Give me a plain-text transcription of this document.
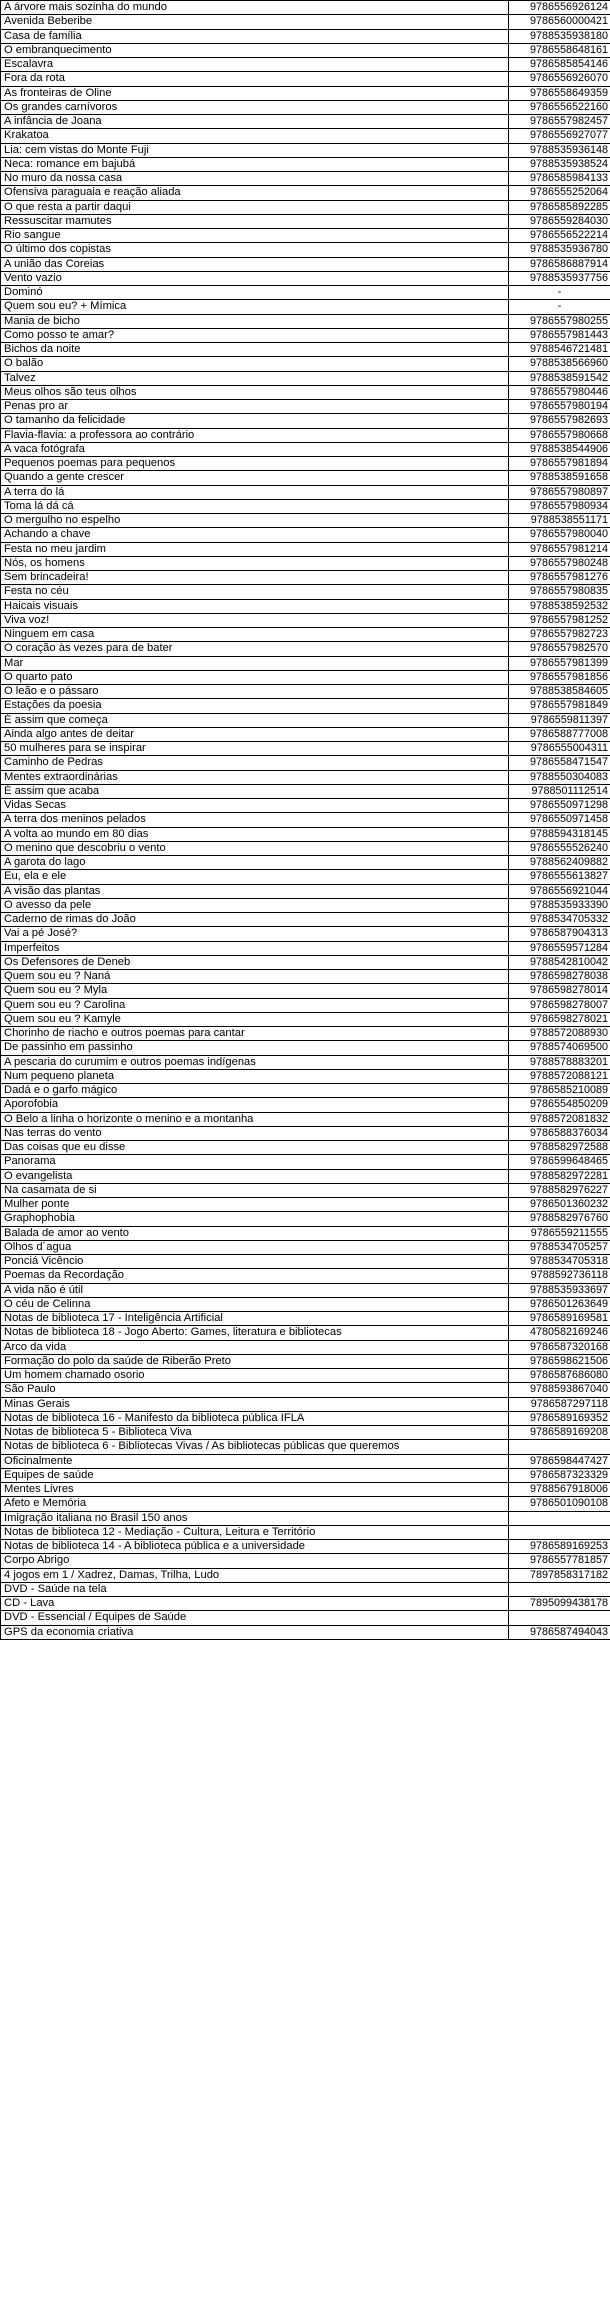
A árvore mais sozinha do mundo	9786556926124
Avenida Beberibe	9786560000421
Casa de família	9788535938180
O embranquecimento	9786558648161
Escalavra	9786585854146
Fora da rota	9786556926070
As fronteiras de Oline	9786558649359
Os grandes carnívoros	9786556522160
A infância de Joana	9786557982457
Krakatoa	9786556927077
Lia: cem vistas do Monte Fuji	9788535936148
Neca: romance em bajubá	9788535938524
No muro da nossa casa	9786585984133
Ofensiva paraguaia e reação aliada	9786555252064
O que resta a partir daqui	9786585892285
Ressuscitar mamutes	9786559284030
Rio sangue	9786556522214
O último dos copistas	9788535936780
A união das Coreias	9786586887914
Vento vazio	9788535937756
Dominó	-
Quem sou eu? + Mímica	-
Mania de bicho	9786557980255
Como posso te amar?	9786557981443
Bichos da noite	9788546721481
O balão	9788538566960
Talvez	9788538591542
Meus olhos são teus olhos	9786557980446
Penas pro ar	9786557980194
O tamanho da felicidade	9786557982693
Flavia-flavia: a professora ao contrário	9786557980668
A vaca fotógrafa	9788538544906
Pequenos poemas para pequenos	9786557981894
Quando a gente crescer	9788538591658
A terra do lá	9786557980897
Toma lá dá cá	9786557980934
O mergulho no espelho	9788538551171
Achando a chave	9786557980040
Festa no meu jardim	9786557981214
Nós, os homens	9786557980248
Sem brincadeira!	9786557981276
Festa no céu	9786557980835
Haicais visuais	9788538592532
Viva voz!	9786557981252
Ninguem em casa	9786557982723
O coração às vezes para de bater	9786557982570
Mar	9786557981399
O quarto pato	9786557981856
O leão e o pássaro	9788538584605
Estações da poesia	9786557981849
É assim que começa	9786559811397
Ainda algo antes de deitar	9786588777008
50 mulheres para se inspirar	9786555004311
Caminho de Pedras	9786558471547
Mentes extraordinárias	9788550304083
É assim que acaba	9788501112514
Vidas Secas	9786550971298
A terra dos meninos pelados	9786550971458
A volta ao mundo em 80 dias	9788594318145
O menino que descobriu o vento	9786555526240
A garota do lago	9788562409882
Eu, ela e ele	9786555613827
A visão das plantas	9786556921044
O avesso da pele	9788535933390
Caderno de rimas do João	9788534705332
Vai a pé José?	9786587904313
Imperfeitos	9786559571284
Os Defensores de Deneb	9788542810042
Quem sou eu ? Naná	9786598278038
Quem sou eu ? Myla	9786598278014
Quem sou eu ? Carolina	9786598278007
Quem sou eu ? Kamyle	9786598278021
Chorinho de riacho e outros poemas para cantar	9788572088930
De passinho em passinho	9788574069500
A pescaria do curumim e outros poemas indígenas	9788578883201
Num pequeno planeta	9788572088121
Dadá e o garfo mágico	9786585210089
Aporofobia	9786554850209
O Belo a linha o horizonte o menino e a montanha	9788572081832
Nas terras do vento	9786588376034
Das coisas que eu disse	9788582972588
Panorama	9786599648465
O evangelista	9788582972281
Na casamata de si	9788582976227
Mulher ponte	9786501360232
Graphophobia	9788582976760
Balada de amor ao vento	9786559211555
Olhos d´agua	9788534705257
Ponciá Vicêncio	9788534705318
Poemas da Recordação	9788592736118
A vida não é útil	9788535933697
O céu de Celinna	9786501263649
Notas de biblioteca 17 - Inteligência Artificial	9786589169581
Notas de biblioteca 18 - Jogo Aberto: Games, literatura e bibliotecas	4780582169246
Arco da vida	9786587320168
Formação do polo da saúde de Riberão Preto	9786598621506
Um homem chamado osorio	9786587686080
São Paulo	9788593867040
Minas Gerais	9786587297118
Notas de biblioteca 16 - Manifesto da biblioteca pública IFLA	9786589169352
Notas de biblioteca 5 - Biblioteca Viva	9786589169208
Notas de biblioteca 6 - Bibliotecas Vivas / As bibliotecas públicas que queremos	
Oficinalmente	9786598447427
Equipes de saúde	9786587323329
Mentes Livres	9788567918006
Afeto e Memória	9786501090108
Imigração italiana no Brasil 150 anos	
Notas de biblioteca 12 - Mediação - Cultura, Leitura e Território	
Notas de biblioteca 14 - A biblioteca pública e a universidade	9786589169253
Corpo Abrigo	9786557781857
4 jogos em 1 / Xadrez, Damas, Trilha, Ludo	7897858317182
DVD - Saúde na tela	
CD - Lava	7895099438178
DVD - Essencial / Equipes de Saúde	
GPS da economia criativa	9786587494043
